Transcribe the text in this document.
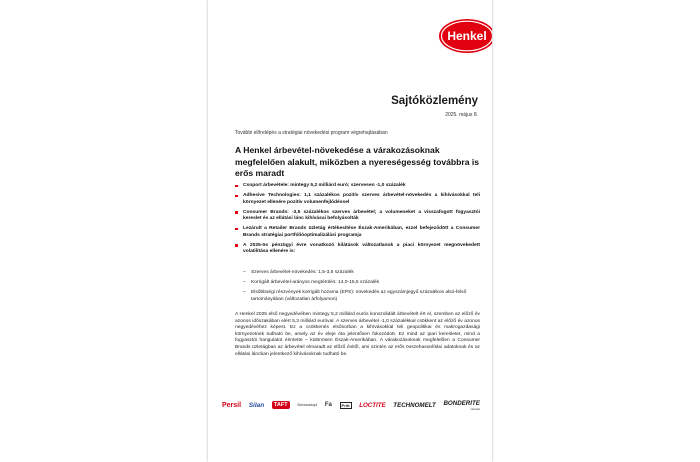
Henkel
Sajtóközlemény
2025. május 8.
További előrelépés a stratégiai növekedési program végrehajtásában
A Henkel árbevétel-növekedése a várakozásoknak megfelelően alakult, miközben a nyereségesség továbbra is erős maradt
Csoport árbevétele: mintegy 5,2 milliárd euró; szervesen -1,0 százalék
Adhesive Technologies: 1,1 százalékos pozitív szerves árbevétel-növekedés a kihívásokkal teli környezet ellenére pozitív volumenfejlődéssel
Consumer Brands: -3,5 százalékos szerves árbevétel; a volumeneket a visszafogott fogyasztói kereslet és az ellátási lánc kihívásai befolyásolták
Lezárult a Retailer Brands üzletág értékesítése Észak-Amerikában, ezzel befejeződött a Consumer Brands stratégiai portfólióoptimalizálási programja
A 2025-ös pénzügyi évre vonatkozó kilátások változatlanok a piaci környezet megnövekedett volatilitása ellenére is:
– Szerves árbevétel-növekedés: 1,5-3,5 százalék
– Korrigált árbevétel-arányos megtérülés: 14,0-15,5 százalék
– Elsőbbségi részvények korrigált hozama (EPS): növekedés az egyszámjegyű százalékos alsó-felső tartományában (változatlan árfolyamon)

A Henkel 2025 első negyedévében mintegy 5,2 milliárd eurós konszolidált árbevételt ért el, szemben az előző év azonos időszakában elért 5,3 milliárd euróval. A szerves árbevétel -1,0 százalékkal csökkent az előző év azonos negyedévéhez képest. Ez a csökkenés elsősorban a kihívásokkal teli geopolitikai és makrogazdasági környezetnek tudható be, amely az év eleje óta jelentősen fokozódott. Ez mind az ipari keresletet, mind a fogyasztói hangulatot érintette – különösen Észak-Amerikában. A várakozásoknak megfelelően a Consumer Brands üzletágban az árbevétel elmaradt az előző évitől, ami szintén az erős összehasonlítási adatoknak és az ellátási láncban jelentkező kihívásoknak tudható be.

Persil Silan	TAFT	Schwarzkopf Fa	Pritt	LOCTITE TECHNOMELT BONDERITE
Henkel
